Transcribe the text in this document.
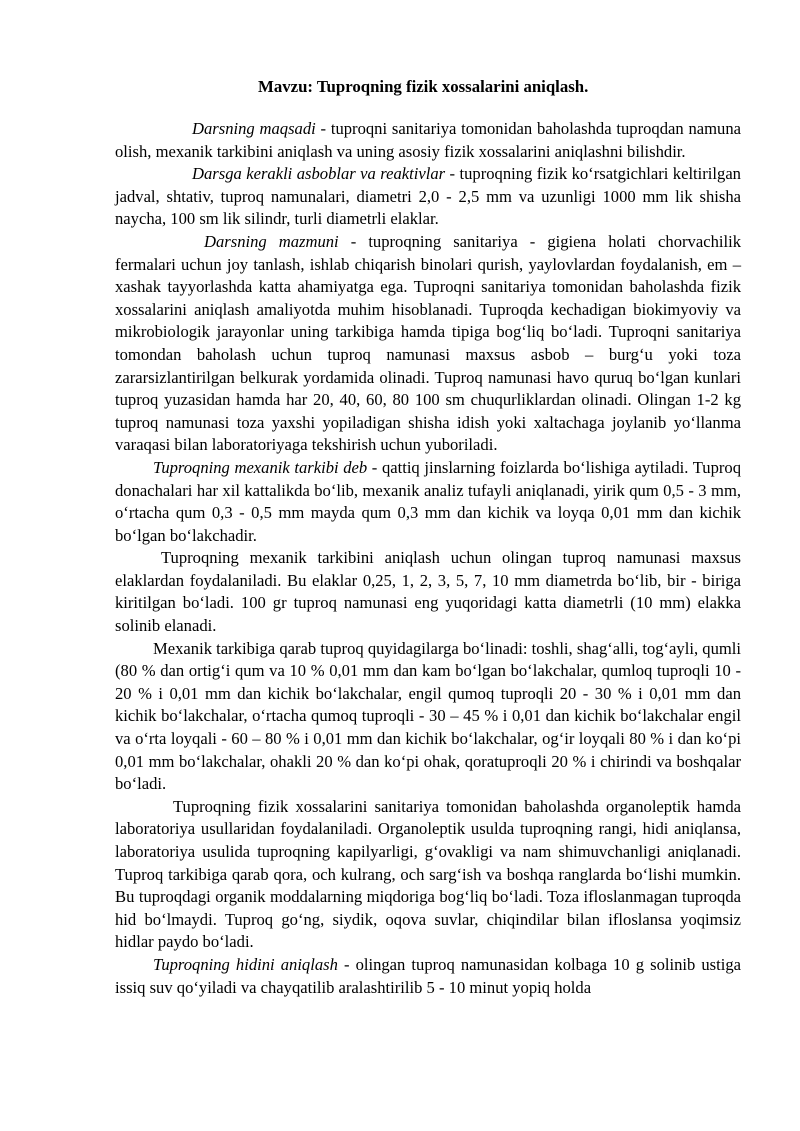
Mavzu: Tuproqning fizik xossalarini aniqlash.

Darsning maqsadi - tuproqni sanitariya tomonidan baholashda tuproqdan namuna olish, mexanik tarkibini aniqlash va uning asosiy fizik xossalarini aniqlashni bilishdir.

Darsga kerakli asboblar va reaktivlar - tuproqning fizik koʻrsatgichlari keltirilgan jadval, shtativ, tuproq namunalari, diametri 2,0 - 2,5 mm va uzunligi 1000 mm lik shisha naycha, 100 sm lik silindr, turli diametrli elaklar.

Darsning mazmuni - tuproqning sanitariya - gigiena holati chorvachilik fermalari uchun joy tanlash, ishlab chiqarish binolari qurish, yaylovlardan foydalanish, em – xashak tayyorlashda katta ahamiyatga ega. Tuproqni sanitariya tomonidan baholashda fizik xossalarini aniqlash amaliyotda muhim hisoblanadi. Tuproqda kechadigan biokimyoviy va mikrobiologik jarayonlar uning tarkibiga hamda tipiga bogʻliq boʻladi. Tuproqni sanitariya tomondan baholash uchun tuproq namunasi maxsus asbob – burgʻu yoki toza zararsizlantirilgan belkurak yordamida olinadi. Tuproq namunasi havo quruq boʻlgan kunlari tuproq yuzasidan hamda har 20, 40, 60, 80 100 sm chuqurliklardan olinadi. Olingan 1-2 kg tuproq namunasi toza yaxshi yopiladigan shisha idish yoki xaltachaga joylanib yoʻllanma varaqasi bilan laboratoriyaga tekshirish uchun yuboriladi.

Tuproqning mexanik tarkibi deb - qattiq jinslarning foizlarda boʻlishiga aytiladi. Tuproq donachalari har xil kattalikda boʻlib, mexanik analiz tufayli aniqlanadi, yirik qum 0,5 - 3 mm, oʻrtacha qum 0,3 - 0,5 mm mayda qum 0,3 mm dan kichik va loyqa 0,01 mm dan kichik boʻlgan boʻlakchadir.

Tuproqning mexanik tarkibini aniqlash uchun olingan tuproq namunasi maxsus elaklardan foydalaniladi. Bu elaklar 0,25, 1, 2, 3, 5, 7, 10 mm diametrda boʻlib, bir - biriga kiritilgan boʻladi. 100 gr tuproq namunasi eng yuqoridagi katta diametrli (10 mm) elakka solinib elanadi.

Mexanik tarkibiga qarab tuproq quyidagilarga boʻlinadi: toshli, shagʻalli, togʻayli, qumli (80 % dan ortigʻi qum va 10 % 0,01 mm dan kam boʻlgan boʻlakchalar, qumloq tuproqli 10 - 20 % i 0,01 mm dan kichik boʻlakchalar, engil qumoq tuproqli 20 - 30 % i 0,01 mm dan kichik boʻlakchalar, oʻrtacha qumoq tuproqli - 30 – 45 % i 0,01 dan kichik boʻlakchalar engil va oʻrta loyqali - 60 – 80 % i 0,01 mm dan kichik boʻlakchalar, ogʻir loyqali 80 % i dan koʻpi 0,01 mm boʻlakchalar, ohakli 20 % dan koʻpi ohak, qoratuproqli 20 % i chirindi va boshqalar boʻladi.

Tuproqning fizik xossalarini sanitariya tomonidan baholashda organoleptik hamda laboratoriya usullaridan foydalaniladi. Organoleptik usulda tuproqning rangi, hidi aniqlansa, laboratoriya usulida tuproqning kapilyarligi, gʻovakligi va nam shimuvchanligi aniqlanadi. Tuproq tarkibiga qarab qora, och kulrang, och sargʻish va boshqa ranglarda boʻlishi mumkin. Bu tuproqdagi organik moddalarning miqdoriga bogʻliq boʻladi. Toza ifloslanmagan tuproqda hid boʻlmaydi. Tuproq goʻng, siydik, oqova suvlar, chiqindilar bilan ifloslansa yoqimsiz hidlar paydo boʻladi.

Tuproqning hidini aniqlash - olingan tuproq namunasidan kolbaga 10 g solinib ustiga issiq suv qoʻyiladi va chayqatilib aralashtirilib 5 - 10 minut yopiq holda
